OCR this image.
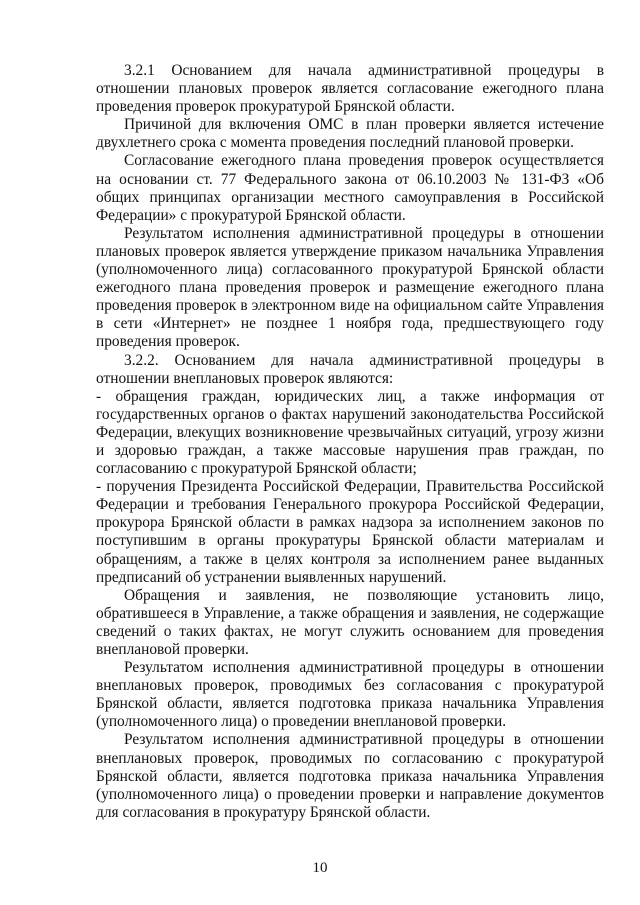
3.2.1 Основанием для начала административной процедуры в отношении плановых проверок является согласование ежегодного плана проведения проверок прокуратурой Брянской области.

Причиной для включения ОМС в план проверки является истечение двухлетнего срока с момента проведения последний плановой проверки.

Согласование ежегодного плана проведения проверок осуществляется на основании ст. 77 Федерального закона от 06.10.2003 № 131-ФЗ «Об общих принципах организации местного самоуправления в Российской Федерации» с прокуратурой Брянской области.

Результатом исполнения административной процедуры в отношении плановых проверок является утверждение приказом начальника Управления (уполномоченного лица) согласованного прокуратурой Брянской области ежегодного плана проведения проверок и размещение ежегодного плана проведения проверок в электронном виде на официальном сайте Управления в сети «Интернет» не позднее 1 ноября года, предшествующего году проведения проверок.

3.2.2. Основанием для начала административной процедуры в отношении внеплановых проверок являются:

- обращения граждан, юридических лиц, а также информация от государственных органов о фактах нарушений законодательства Российской Федерации, влекущих возникновение чрезвычайных ситуаций, угрозу жизни и здоровью граждан, а также массовые нарушения прав граждан, по согласованию с прокуратурой Брянской области;

- поручения Президента Российской Федерации, Правительства Российской Федерации и требования Генерального прокурора Российской Федерации, прокурора Брянской области в рамках надзора за исполнением законов по поступившим в органы прокуратуры Брянской области материалам и обращениям, а также в целях контроля за исполнением ранее выданных предписаний об устранении выявленных нарушений.

Обращения и заявления, не позволяющие установить лицо, обратившееся в Управление, а также обращения и заявления, не содержащие сведений о таких фактах, не могут служить основанием для проведения внеплановой проверки.

Результатом исполнения административной процедуры в отношении внеплановых проверок, проводимых без согласования с прокуратурой Брянской области, является подготовка приказа начальника Управления (уполномоченного лица) о проведении внеплановой проверки.

Результатом исполнения административной процедуры в отношении внеплановых проверок, проводимых по согласованию с прокуратурой Брянской области, является подготовка приказа начальника Управления (уполномоченного лица) о проведении проверки и направление документов для согласования в прокуратуру Брянской области.

10
